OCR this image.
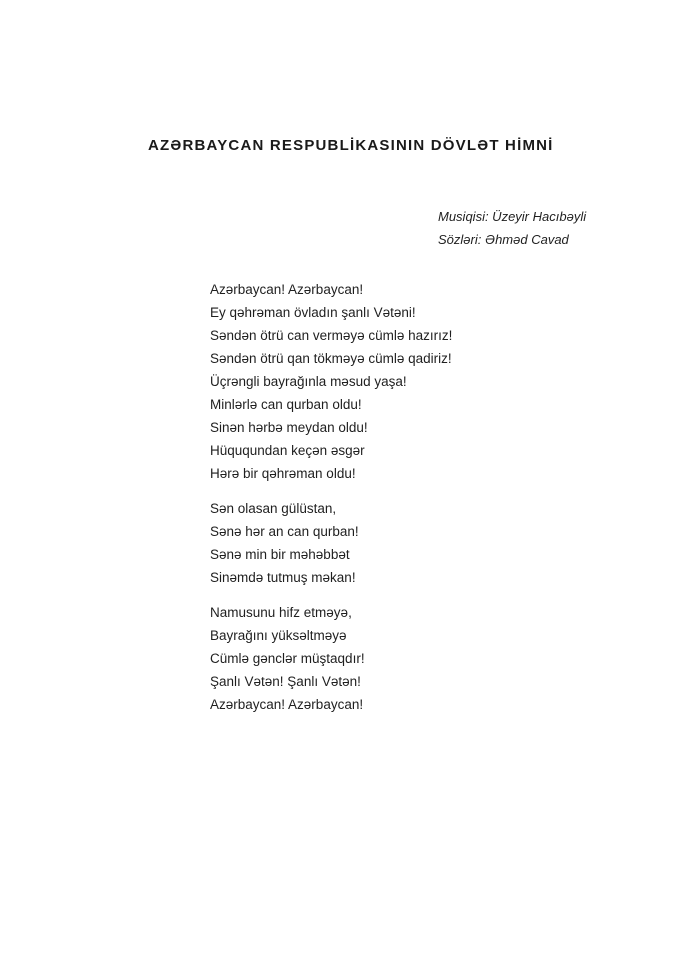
AZƏRBAYCAN RESPUBLİKASININ DÖVLƏT HİMNİ
Musiqisi: Üzeyir Hacıbəyli
Sözləri: Əhməd Cavad
Azərbaycan! Azərbaycan!
Ey qəhrəman övladın şanlı Vətəni!
Səndən ötrü can verməyə cümlə hazırız!
Səndən ötrü qan tökməyə cümlə qadiriz!
Üçrəngli bayrağınla məsud yaşa!
Minlərlə can qurban oldu!
Sinən hərbə meydan oldu!
Hüququndan keçən əsgər
Hərə bir qəhrəman oldu!
Sən olasan gülüstan,
Sənə hər an can qurban!
Sənə min bir məhəbbət
Sinəmdə tutmuş məkan!
Namusunu hifz etməyə,
Bayrağını yüksəltməyə
Cümlə gənclər müştaqdır!
Şanlı Vətən! Şanlı Vətən!
Azərbaycan! Azərbaycan!
